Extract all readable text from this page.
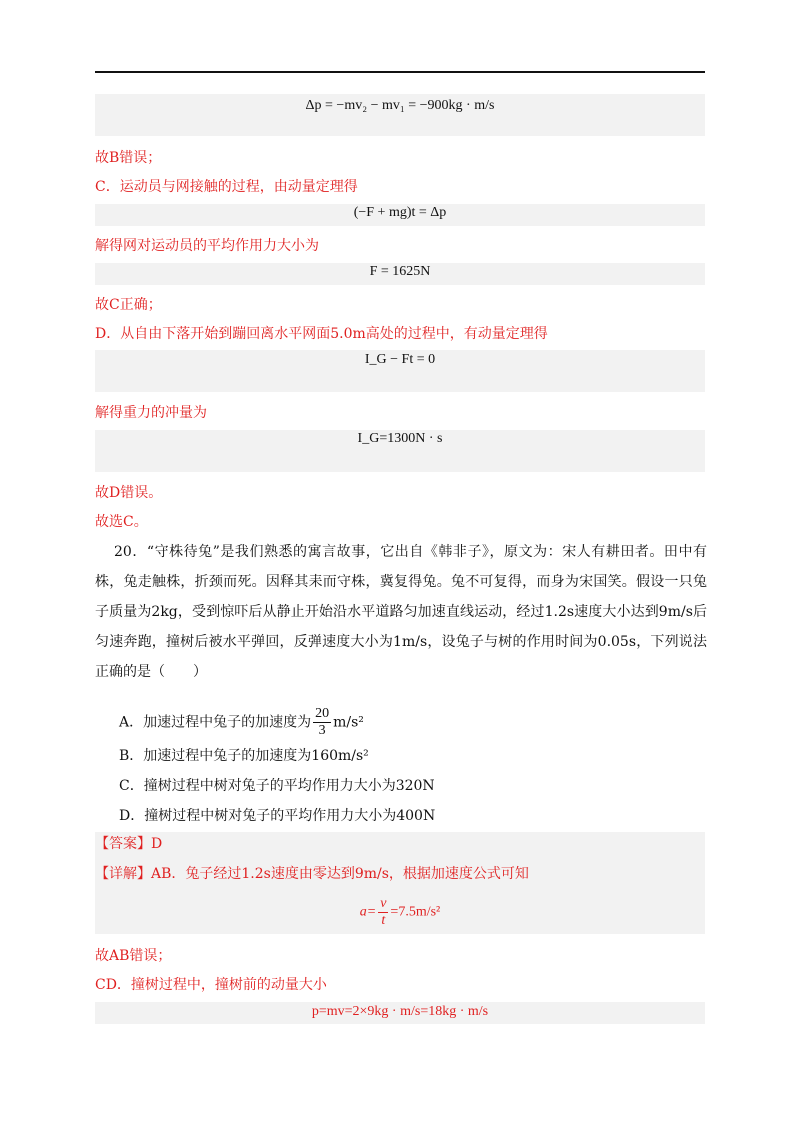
Δp = −mv₂ − mv₁ = −900kg · m/s
故B错误；
C．运动员与网接触的过程，由动量定理得
(−F + mg)t = Δp
解得网对运动员的平均作用力大小为
F = 1625N
故C正确；
D．从自由下落开始到蹦回离水平网面5.0m高处的过程中，有动量定理得
I_G − Ft = 0
解得重力的冲量为
I_G=1300N · s
故D错误。
故选C。
20．“守株待兔”是我们熟悉的寓言故事，它出自《韩非子》，原文为：宋人有耕田者。田中有株，兔走触株，折颈而死。因释其耒而守株，冀复得兔。兔不可复得，而身为宋国笑。假设一只兔子质量为2kg，受到惊吓后从静止开始沿水平道路匀加速直线运动，经过1.2s速度大小达到9m/s后匀速奔跑，撞树后被水平弹回，反弹速度大小为1m/s，设兔子与树的作用时间为0.05s，下列说法正确的是（　　）
A．加速过程中兔子的加速度为 $\frac{20}{3} m/s^2$
B．加速过程中兔子的加速度为160m/s²
C．撞树过程中树对兔子的平均作用力大小为320N
D．撞树过程中树对兔子的平均作用力大小为400N
【答案】D
【详解】AB．兔子经过1.2s速度由零达到9m/s，根据加速度公式可知
$a= \frac{v}{t} =7.5m/s^2$
故AB错误；
CD．撞树过程中，撞树前的动量大小
p=mv=2×9kg · m/s=18kg · m/s
